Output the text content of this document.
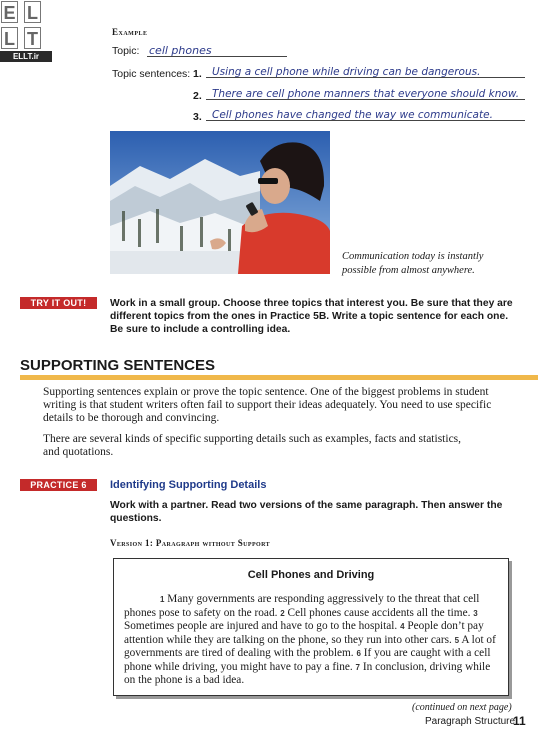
E L
L T
ELLT.ir
Example
Topic: cell phones
Topic sentences: 1. Using a cell phone while driving can be dangerous.
2. There are cell phone manners that everyone should know.
3. Cell phones have changed the way we communicate.
Communication today is instantly possible from almost anywhere.
TRY IT OUT!	Work in a small group. Choose three topics that interest you. Be sure that they are different topics from the ones in Practice 5B. Write a topic sentence for each one. Be sure to include a controlling idea.
SUPPORTING SENTENCES
Supporting sentences explain or prove the topic sentence. One of the biggest problems in student writing is that student writers often fail to support their ideas adequately. You need to use specific details to be thorough and convincing.
There are several kinds of specific supporting details such as examples, facts and statistics, and quotations.
PRACTICE 6	Identifying Supporting Details
Work with a partner. Read two versions of the same paragraph. Then answer the questions.
Version 1: Paragraph without Support
Cell Phones and Driving
1 Many governments are responding aggressively to the threat that cell phones pose to safety on the road. 2 Cell phones cause accidents all the time. 3 Sometimes people are injured and have to go to the hospital. 4 People don’t pay attention while they are talking on the phone, so they run into other cars. 5 A lot of governments are tired of dealing with the problem. 6 If you are caught with a cell phone while driving, you might have to pay a fine. 7 In conclusion, driving while on the phone is a bad idea.
(continued on next page)
Paragraph Structure
11
